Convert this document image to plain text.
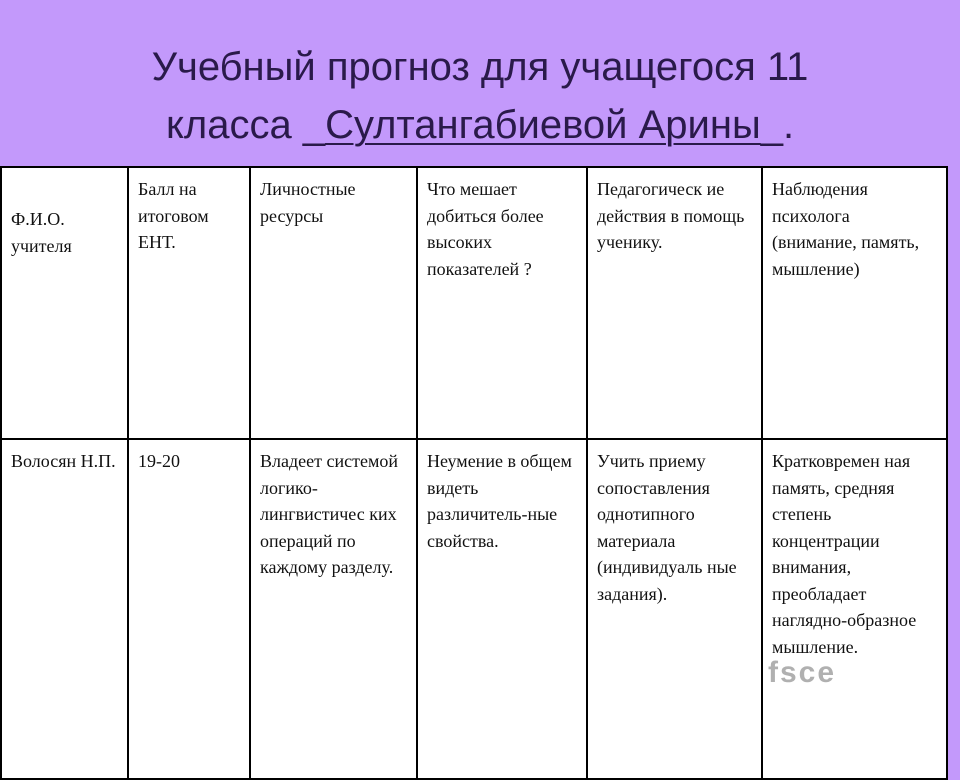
Учебный прогноз для учащегося 11
класса _Султангабиевой Арины_.
Ф.И.О. учителя	Балл на итоговом ЕНТ.	Личностные ресурсы	Что мешает добиться более высоких показателей ?	Педагогическ ие действия в помощь ученику.	Наблюдения психолога (внимание, память, мышление)
Волосян Н.П.	19-20	Владеет системой логико-лингвистичес ких операций по каждому разделу.	Неумение в общем видеть различитель-ные свойства.	Учить приему сопоставления однотипного материала (индивидуаль ные задания).	Кратковремен ная память, средняя степень концентрации внимания, преобладает наглядно-образное мышление.
fsce
